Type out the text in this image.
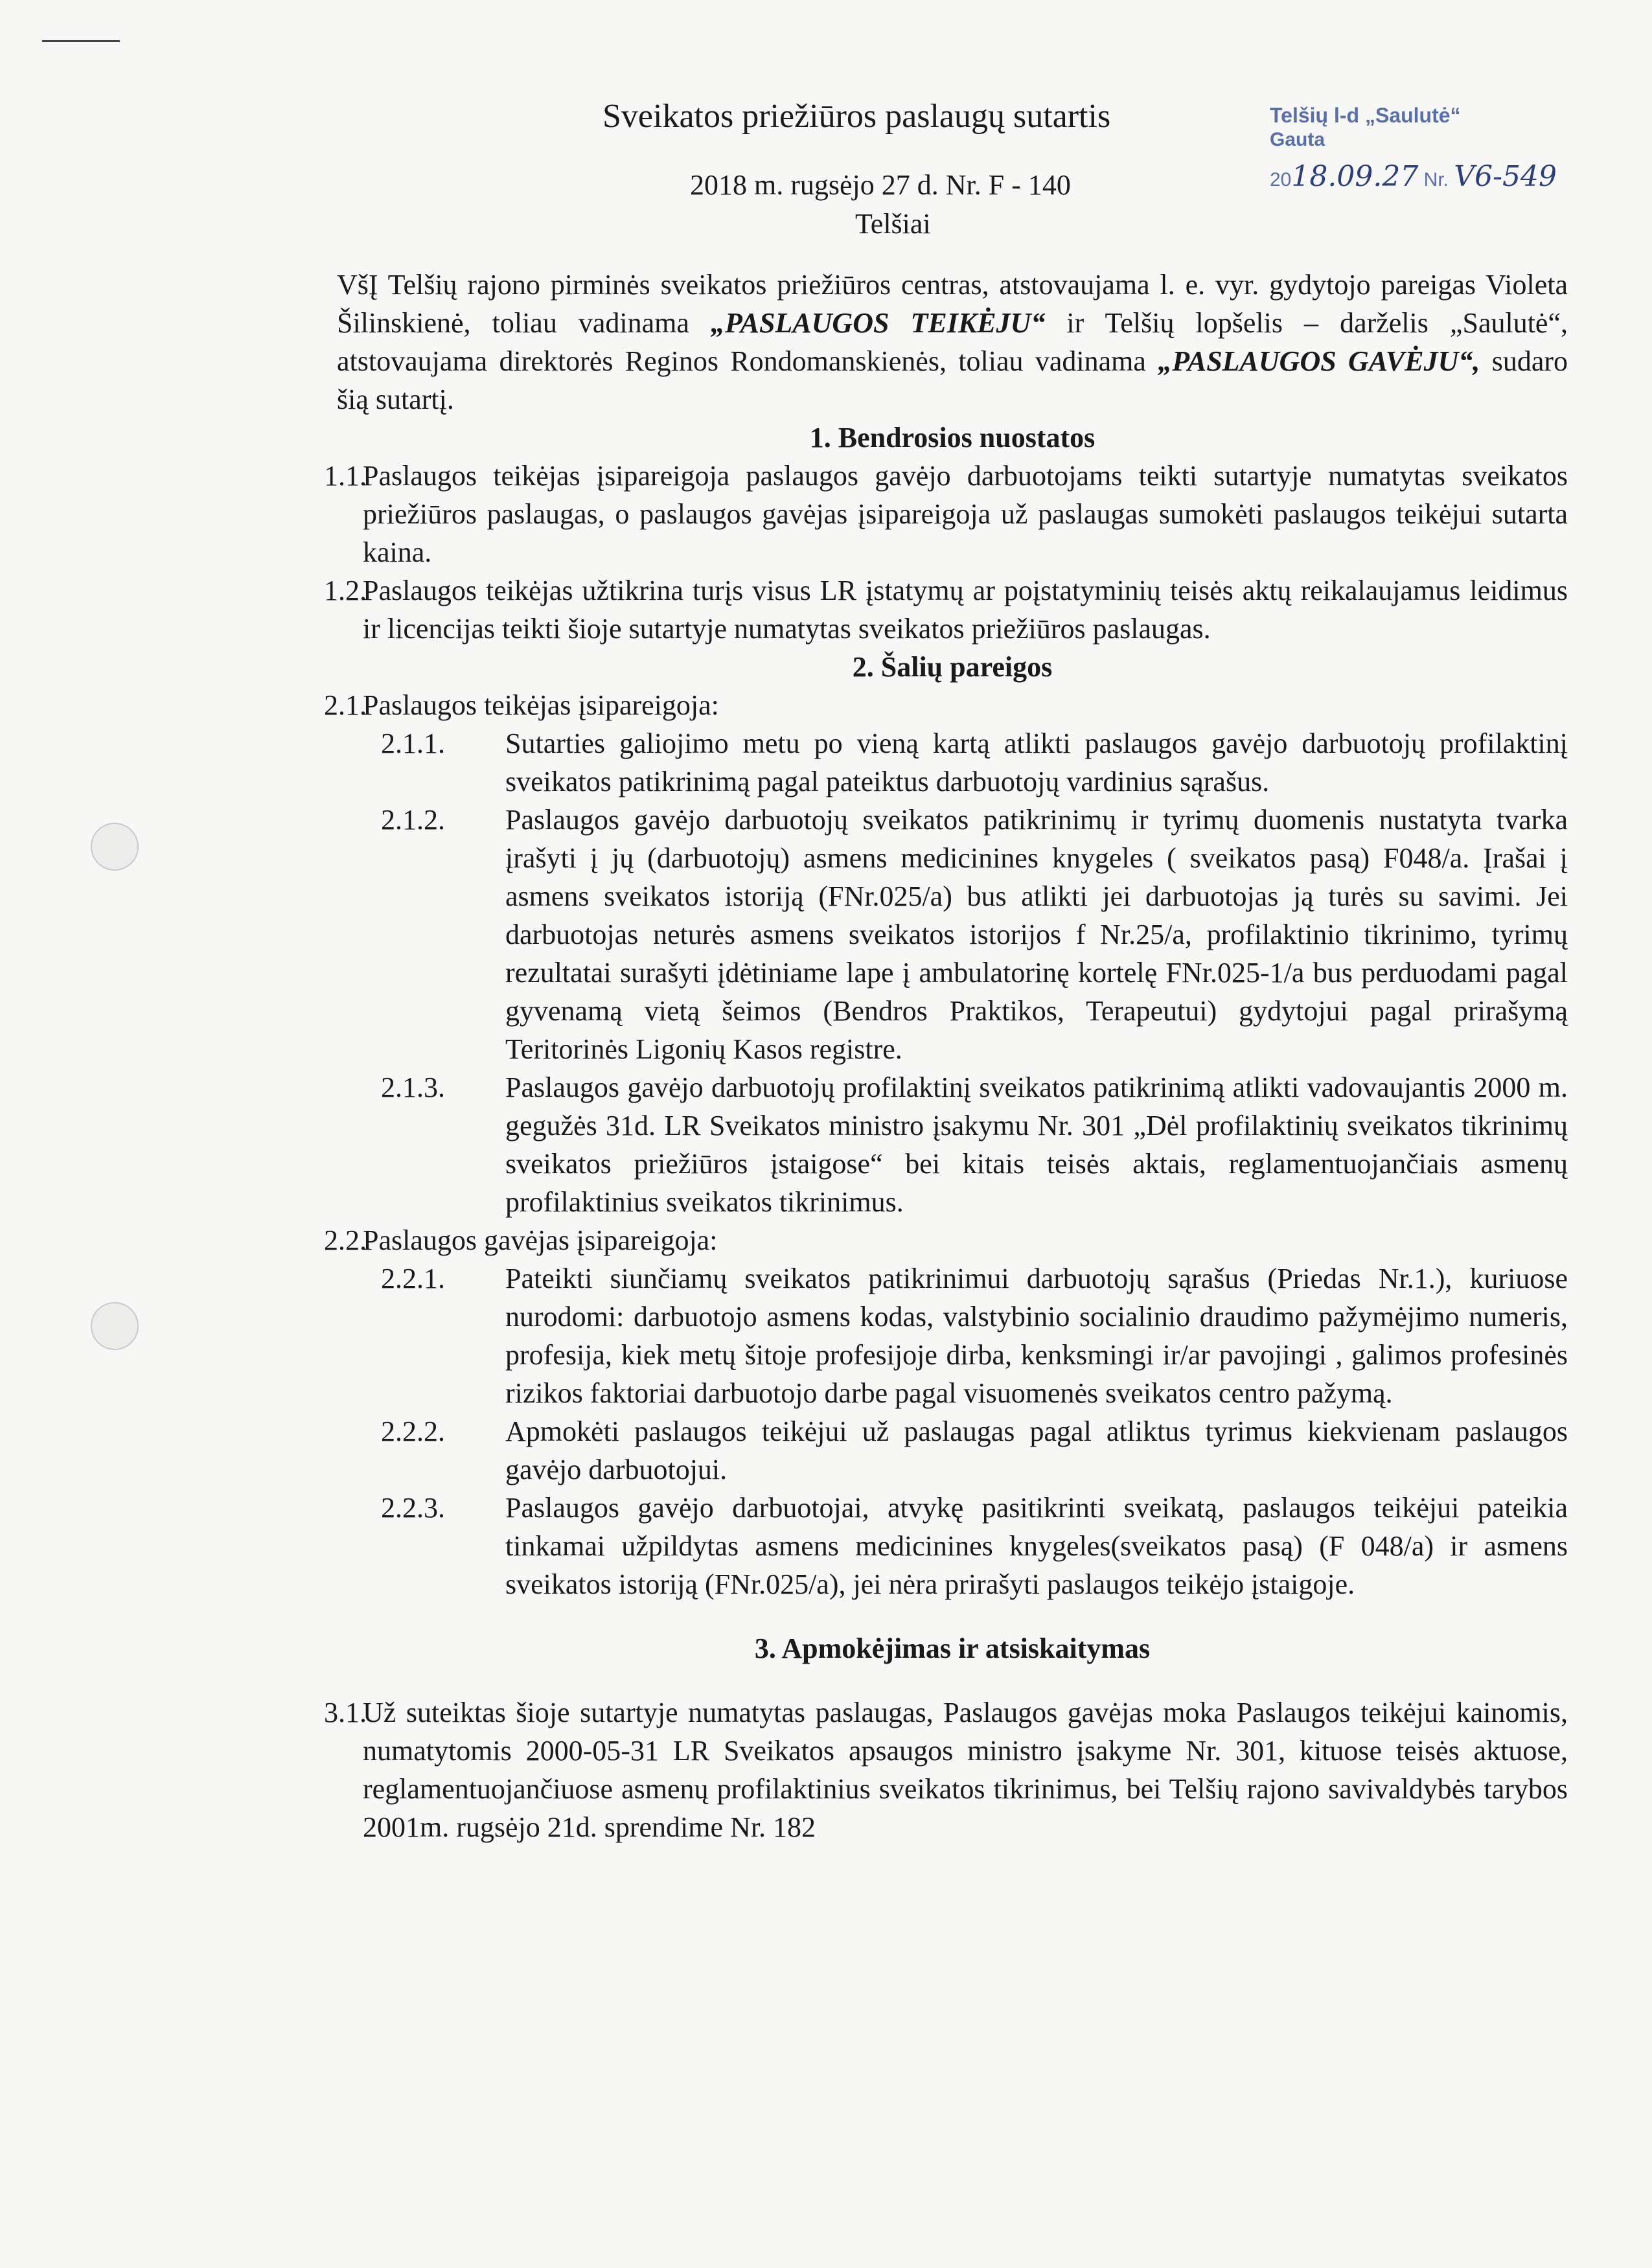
Sveikatos priežiūros paslaugų sutartis
2018 m. rugsėjo 27 d. Nr. F - 140
Telšiai
Telšių l-d „Saulutė“
Gauta
2018.09.27 Nr. V6-549

VšĮ Telšių rajono pirminės sveikatos priežiūros centras, atstovaujama l. e. vyr. gydytojo pareigas Violeta Šilinskienė, toliau vadinama „PASLAUGOS TEIKĖJU“ ir Telšių lopšelis – darželis „Saulutė“, atstovaujama direktorės Reginos Rondomanskienės, toliau vadinama „PASLAUGOS GAVĖJU“, sudaro šią sutartį.

1. Bendrosios nuostatos

1.1.
Paslaugos teikėjas įsipareigoja paslaugos gavėjo darbuotojams teikti sutartyje numatytas sveikatos priežiūros paslaugas, o paslaugos gavėjas įsipareigoja už paslaugas sumokėti paslaugos teikėjui sutarta kaina.
1.2.
Paslaugos teikėjas užtikrina turįs visus LR įstatymų ar poįstatyminių teisės aktų reikalaujamus leidimus ir licencijas teikti šioje sutartyje numatytas sveikatos priežiūros paslaugas.

2. Šalių pareigos

2.1.
Paslaugos teikėjas įsipareigoja:
2.1.1.	Sutarties galiojimo metu po vieną kartą atlikti paslaugos gavėjo darbuotojų profilaktinį sveikatos patikrinimą pagal pateiktus darbuotojų vardinius sąrašus.
2.1.2.	Paslaugos gavėjo darbuotojų sveikatos patikrinimų ir tyrimų duomenis nustatyta tvarka įrašyti į jų (darbuotojų) asmens medicinines knygeles ( sveikatos pasą) F048/a. Įrašai į asmens sveikatos istoriją (FNr.025/a) bus atlikti jei darbuotojas ją turės su savimi. Jei darbuotojas neturės asmens sveikatos istorijos f Nr.25/a, profilaktinio tikrinimo, tyrimų rezultatai surašyti įdėtiniame lape į ambulatorinę kortelę FNr.025-1/a bus perduodami pagal gyvenamą vietą šeimos (Bendros Praktikos, Terapeutui) gydytojui pagal prirašymą Teritorinės Ligonių Kasos registre.
2.1.3.	Paslaugos gavėjo darbuotojų profilaktinį sveikatos patikrinimą atlikti vadovaujantis 2000 m. gegužės 31d. LR Sveikatos ministro įsakymu Nr. 301 „Dėl profilaktinių sveikatos tikrinimų sveikatos priežiūros įstaigose“ bei kitais teisės aktais, reglamentuojančiais asmenų profilaktinius sveikatos tikrinimus.
2.2.
Paslaugos gavėjas įsipareigoja:
2.2.1.	Pateikti siunčiamų sveikatos patikrinimui darbuotojų sąrašus (Priedas Nr.1.), kuriuose nurodomi: darbuotojo asmens kodas, valstybinio socialinio draudimo pažymėjimo numeris, profesija, kiek metų šitoje profesijoje dirba, kenksmingi ir/ar pavojingi , galimos profesinės rizikos faktoriai darbuotojo darbe pagal visuomenės sveikatos centro pažymą.
2.2.2.	Apmokėti paslaugos teikėjui už paslaugas pagal atliktus tyrimus kiekvienam paslaugos gavėjo darbuotojui.
2.2.3.	Paslaugos gavėjo darbuotojai, atvykę pasitikrinti sveikatą, paslaugos teikėjui pateikia tinkamai užpildytas asmens medicinines knygeles(sveikatos pasą) (F 048/a) ir asmens sveikatos istoriją (FNr.025/a), jei nėra prirašyti paslaugos teikėjo įstaigoje.

3. Apmokėjimas ir atsiskaitymas

3.1.
Už suteiktas šioje sutartyje numatytas paslaugas, Paslaugos gavėjas moka Paslaugos teikėjui kainomis, numatytomis 2000-05-31 LR Sveikatos apsaugos ministro įsakyme Nr. 301, kituose teisės aktuose, reglamentuojančiuose asmenų profilaktinius sveikatos tikrinimus, bei Telšių rajono savivaldybės tarybos 2001m. rugsėjo 21d. sprendime Nr. 182
